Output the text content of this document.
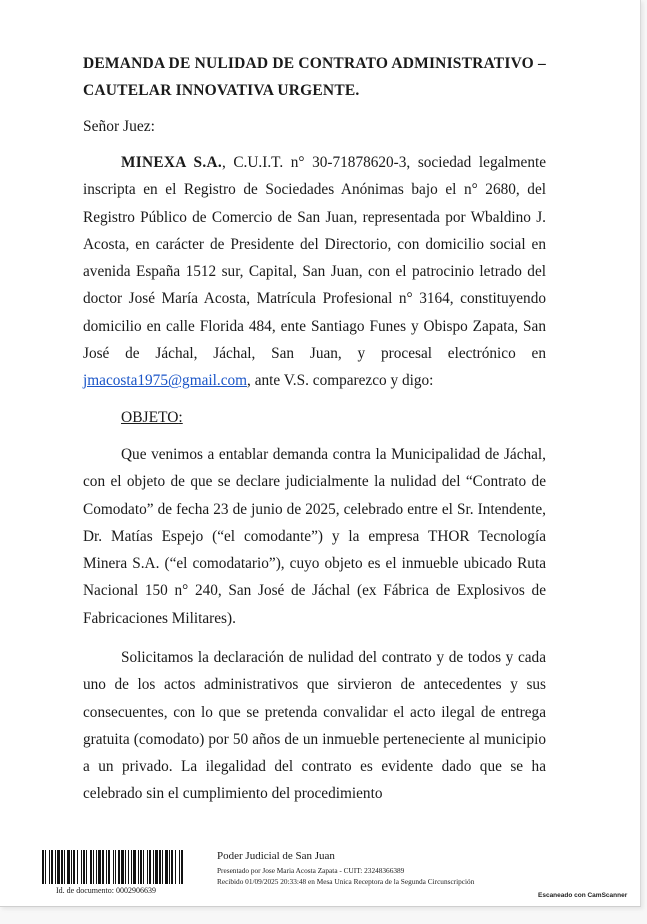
DEMANDA DE NULIDAD DE CONTRATO ADMINISTRATIVO – CAUTELAR INNOVATIVA URGENTE.
Señor Juez:
MINEXA S.A., C.U.I.T. n° 30-71878620-3, sociedad legalmente inscripta en el Registro de Sociedades Anónimas bajo el n° 2680, del Registro Público de Comercio de San Juan, representada por Wbaldino J. Acosta, en carácter de Presidente del Directorio, con domicilio social en avenida España 1512 sur, Capital, San Juan, con el patrocinio letrado del doctor José María Acosta, Matrícula Profesional n° 3164, constituyendo domicilio en calle Florida 484, ente Santiago Funes y Obispo Zapata, San José de Jáchal, Jáchal, San Juan, y procesal electrónico en jmacosta1975@gmail.com, ante V.S. comparezco y digo:
OBJETO:
Que venimos a entablar demanda contra la Municipalidad de Jáchal, con el objeto de que se declare judicialmente la nulidad del “Contrato de Comodato” de fecha 23 de junio de 2025, celebrado entre el Sr. Intendente, Dr. Matías Espejo (“el comodante”) y la empresa THOR Tecnología Minera S.A. (“el comodatario”), cuyo objeto es el inmueble ubicado Ruta Nacional 150 n° 240, San José de Jáchal (ex Fábrica de Explosivos de Fabricaciones Militares).
Solicitamos la declaración de nulidad del contrato y de todos y cada uno de los actos administrativos que sirvieron de antecedentes y sus consecuentes, con lo que se pretenda convalidar el acto ilegal de entrega gratuita (comodato) por 50 años de un inmueble perteneciente al municipio a un privado. La ilegalidad del contrato es evidente dado que se ha celebrado sin el cumplimiento del procedimiento
Id. de documento: 0002906639
Poder Judicial de San Juan
Presentado por Jose Maria Acosta Zapata - CUIT: 23248366389
Recibido 01/09/2025 20:33:48 en Mesa Unica Receptora de la Segunda Circunscripción
Escaneado con CamScanner
